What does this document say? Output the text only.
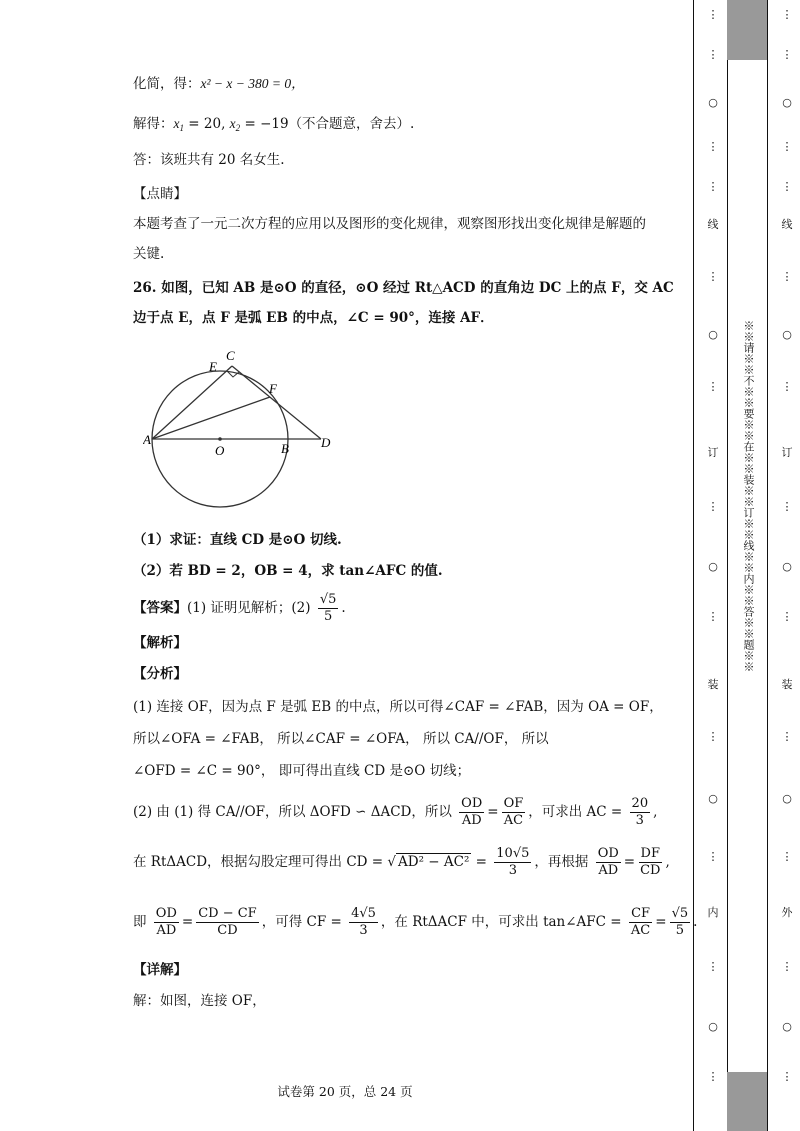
化简，得：x² − x − 380 = 0，
解得：$x_1 = 20$, $x_2 = -19$（不合题意，舍去）.
答：该班共有 20 名女生.
【点睛】
本题考查了一元二次方程的应用以及图形的变化规律，观察图形找出变化规律是解题的
关键.
26. 如图，已知 AB 是⊙O 的直径，⊙O 经过 Rt△ACD 的直角边 DC 上的点 F，交 AC
边于点 E，点 F 是弧 EB 的中点，∠C = 90°，连接 AF．
C
E
F
A
O	B D
（1）求证：直线 CD 是⊙O 切线.
（2）若 BD = 2，OB = 4，求 tan∠AFC 的值.
【答案】(1) 证明见解析；$(2) \frac{√5}{5}$ .
【解析】
【分析】
(1) 连接 OF，因为点 F 是弧 EB 的中点，所以可得∠CAF = ∠FAB，因为 OA = OF，
所以∠OFA = ∠FAB， 所以∠CAF = ∠OFA， 所以 CA//OF， 所以
∠OFD = ∠C = 90°， 即可得出直线 CD 是⊙O 切线；
(2) 由 (1) 得 CA//OF，所以 ΔOFD ∽ ΔACD，所以 $\frac{OD}{AD} = \frac{OF}{AC}$ ，可求出 AC = $\frac{20}{3}$ ,
在 RtΔACD，根据勾股定理可得出 CD = √ $AD^2 - AC^2 = \frac{10√5}{3}$ ，再根据 $\frac{OD}{AD} = \frac{DF}{CD}$ ,
即 $\frac{OD}{AD} = \frac{CD - CF}{CD}$ ，可得 CF = $\frac{4√5}{3}$ ，在 RtΔACF 中，可求出 tan∠AFC = $\frac{CF}{AC} = \frac{√5}{5}$ .
【详解】
解：如图，连接 OF，
试卷第 20 页，总 24 页
※※请※※不※※要※※在※※装※※订※※线※※内※※答※※题※※
⋮
⋮
○
⋮
⋮
线
⋮
○
⋮
订
⋮
○
⋮
装
⋮
○
⋮
内
⋮
○
⋮
⋮
⋮
○
⋮
⋮
线
⋮
○
⋮
订
⋮
○
⋮
装
⋮
○
⋮
外
⋮
○
⋮
